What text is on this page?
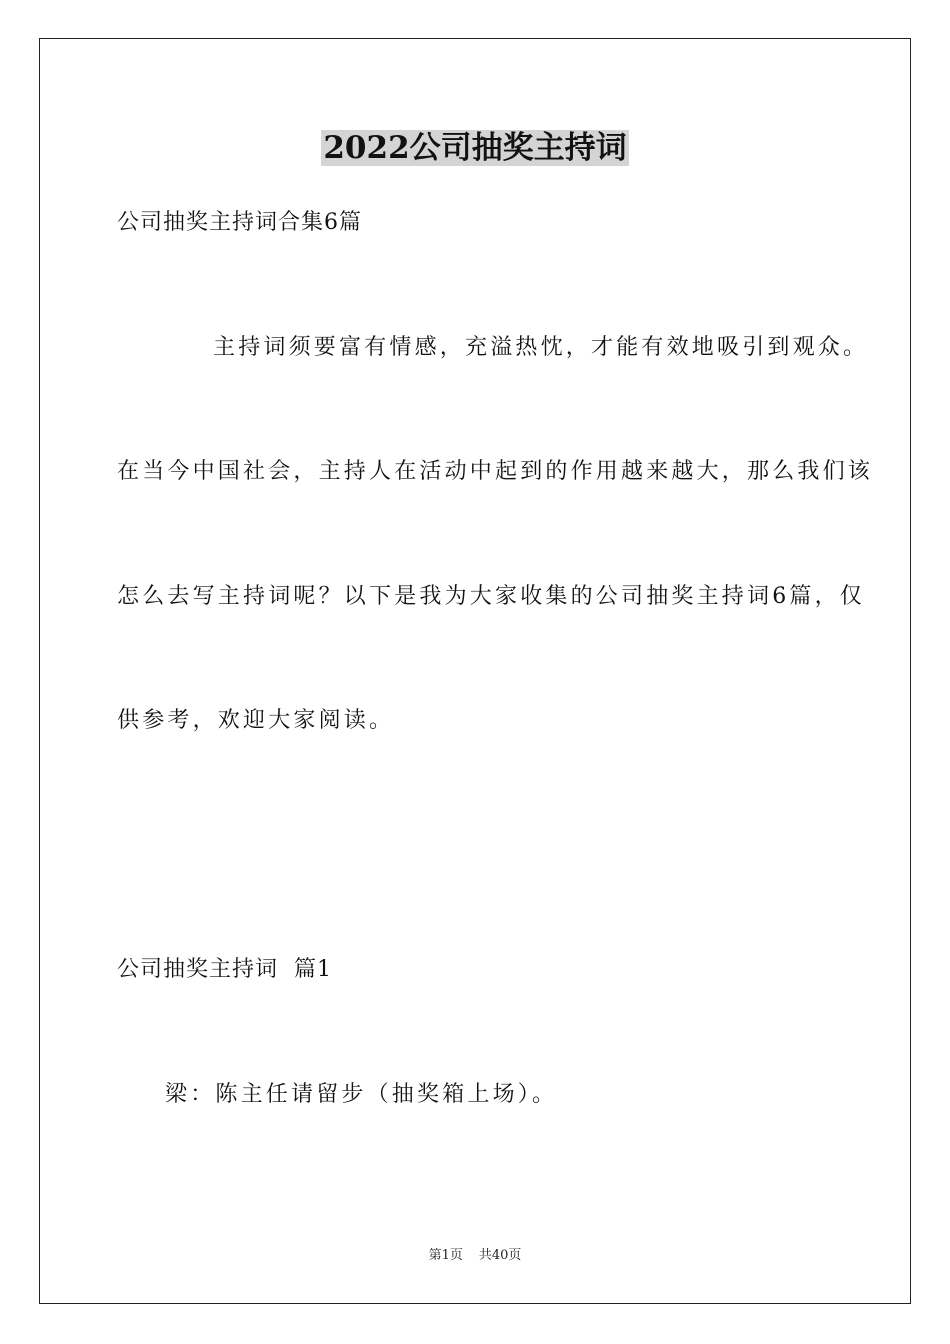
2022公司抽奖主持词
公司抽奖主持词合集6篇
主持词须要富有情感，充溢热忱，才能有效地吸引到观众。
在当今中国社会，主持人在活动中起到的作用越来越大，那么我们该
怎么去写主持词呢？以下是我为大家收集的公司抽奖主持词6篇，仅
供参考，欢迎大家阅读。
公司抽奖主持词  篇1
梁：陈主任请留步（抽奖箱上场）。
第1页 共40页
